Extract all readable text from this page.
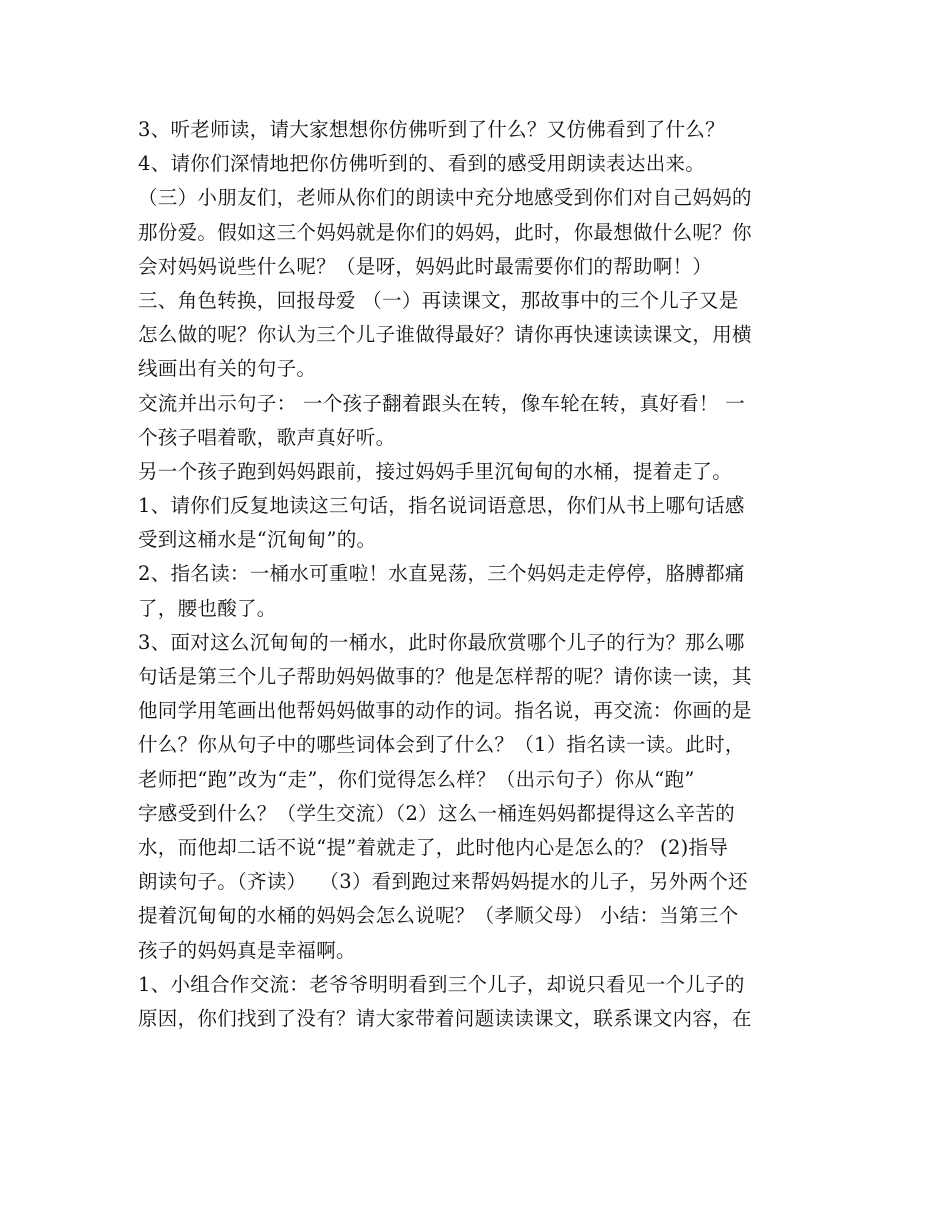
3、听老师读，请大家想想你仿佛听到了什么？又仿佛看到了什么？
4、请你们深情地把你仿佛听到的、看到的感受用朗读表达出来。
（三）小朋友们，老师从你们的朗读中充分地感受到你们对自己妈妈的
那份爱。假如这三个妈妈就是你们的妈妈，此时，你最想做什么呢？你
会对妈妈说些什么呢？（是呀，妈妈此时最需要你们的帮助啊！）
三、角色转换，回报母爱 （一）再读课文，那故事中的三个儿子又是
怎么做的呢？你认为三个儿子谁做得最好？请你再快速读读课文，用横
线画出有关的句子。
交流并出示句子： 一个孩子翻着跟头在转，像车轮在转，真好看！ 一
个孩子唱着歌，歌声真好听。
另一个孩子跑到妈妈跟前，接过妈妈手里沉甸甸的水桶，提着走了。
1、请你们反复地读这三句话，指名说词语意思，你们从书上哪句话感
受到这桶水是“沉甸甸”的。
2、指名读：一桶水可重啦！水直晃荡，三个妈妈走走停停，胳膊都痛
了，腰也酸了。
3、面对这么沉甸甸的一桶水，此时你最欣赏哪个儿子的行为？那么哪
句话是第三个儿子帮助妈妈做事的？他是怎样帮的呢？请你读一读，其
他同学用笔画出他帮妈妈做事的动作的词。指名说，再交流：你画的是
什么？你从句子中的哪些词体会到了什么？（1）指名读一读。此时，
老师把“跑”改为“走”，你们觉得怎么样？（出示句子）你从“跑”
字感受到什么？（学生交流）（2）这么一桶连妈妈都提得这么辛苦的
水，而他却二话不说“提”着就走了，此时他内心是怎么的？ (2)指导
朗读句子。（齐读）  （3）看到跑过来帮妈妈提水的儿子，另外两个还
提着沉甸甸的水桶的妈妈会怎么说呢？（孝顺父母） 小结：当第三个
孩子的妈妈真是幸福啊。
1、小组合作交流：老爷爷明明看到三个儿子，却说只看见一个儿子的
原因，你们找到了没有？请大家带着问题读读课文，联系课文内容，在
